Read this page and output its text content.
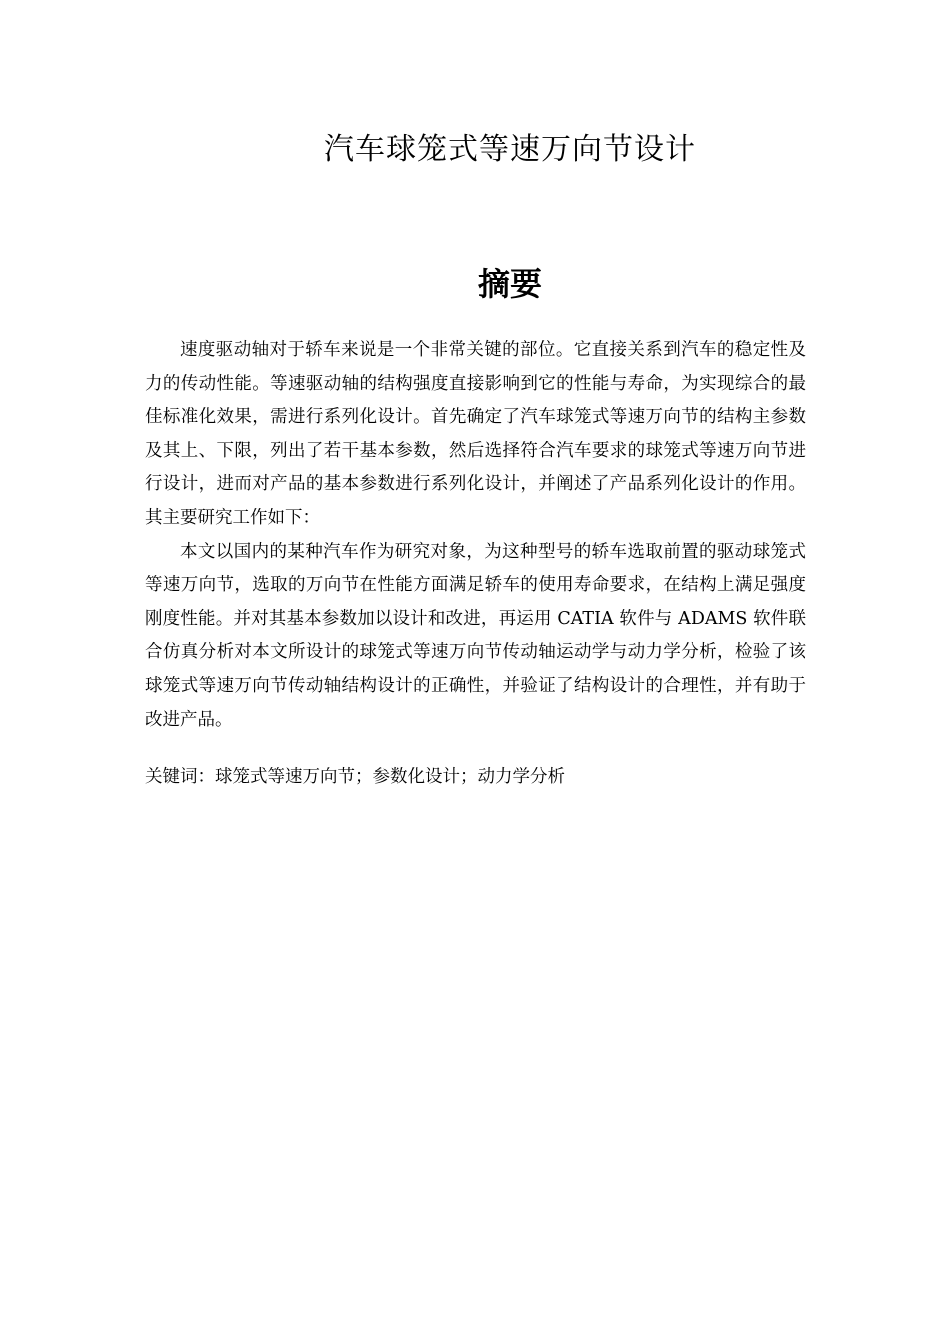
汽车球笼式等速万向节设计
摘要

速度驱动轴对于轿车来说是一个非常关键的部位。它直接关系到汽车的稳定性及力的传动性能。等速驱动轴的结构强度直接影响到它的性能与寿命，为实现综合的最佳标准化效果，需进行系列化设计。首先确定了汽车球笼式等速万向节的结构主参数及其上、下限，列出了若干基本参数，然后选择符合汽车要求的球笼式等速万向节进行设计，进而对产品的基本参数进行系列化设计，并阐述了产品系列化设计的作用。其主要研究工作如下：

本文以国内的某种汽车作为研究对象，为这种型号的轿车选取前置的驱动球笼式等速万向节，选取的万向节在性能方面满足轿车的使用寿命要求，在结构上满足强度刚度性能。并对其基本参数加以设计和改进，再运用 CATIA 软件与 ADAMS 软件联合仿真分析对本文所设计的球笼式等速万向节传动轴运动学与动力学分析，检验了该球笼式等速万向节传动轴结构设计的正确性，并验证了结构设计的合理性，并有助于改进产品。

关键词：球笼式等速万向节；参数化设计；动力学分析
